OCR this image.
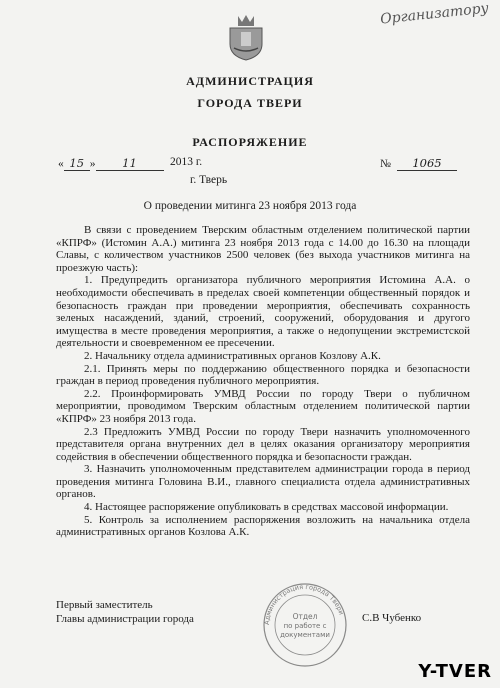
Организатору
АДМИНИСТРАЦИЯ
ГОРОДА ТВЕРИ
РАСПОРЯЖЕНИЕ
« 15 » 11	2013 г.	№ 1065
г. Тверь
О проведении митинга 23 ноября 2013 года

В связи с проведением Тверским областным отделением политической партии «КПРФ» (Истомин А.А.) митинга 23 ноября 2013 года с 14.00 до 16.30 на площади Славы, с количеством участников 2500 человек (без выхода участников митинга на проезжую часть):

1. Предупредить организатора публичного мероприятия Истомина А.А. о необходимости обеспечивать в пределах своей компетенции общественный порядок и безопасность граждан при проведении мероприятия, обеспечивать сохранность зеленых насаждений, зданий, строений, сооружений, оборудования и другого имущества в месте проведения мероприятия, а также о недопущении экстремистской деятельности и своевременном ее пресечении.

2. Начальнику отдела административных органов Козлову А.К.

2.1. Принять меры по поддержанию общественного порядка и безопасности граждан в период проведения публичного мероприятия.

2.2. Проинформировать УМВД России по городу Твери о публичном мероприятии, проводимом Тверским областным отделением политической партии «КПРФ» 23 ноября 2013 года.

2.3 Предложить УМВД России по городу Твери назначить уполномоченного представителя органа внутренних дел в целях оказания организатору мероприятия содействия в обеспечении общественного порядка и безопасности граждан.

3. Назначить уполномоченным представителем администрации города в период проведения митинга Головина В.И., главного специалиста отдела административных органов.

4. Настоящее распоряжение опубликовать в средствах массовой информации.

5. Контроль за исполнением распоряжения возложить на начальника отдела административных органов Козлова А.К.

Первый заместитель
Главы администрации города	С.В Чубенко
Администрация города Твери
Отдел
по работе с
документами
Y-TVER
